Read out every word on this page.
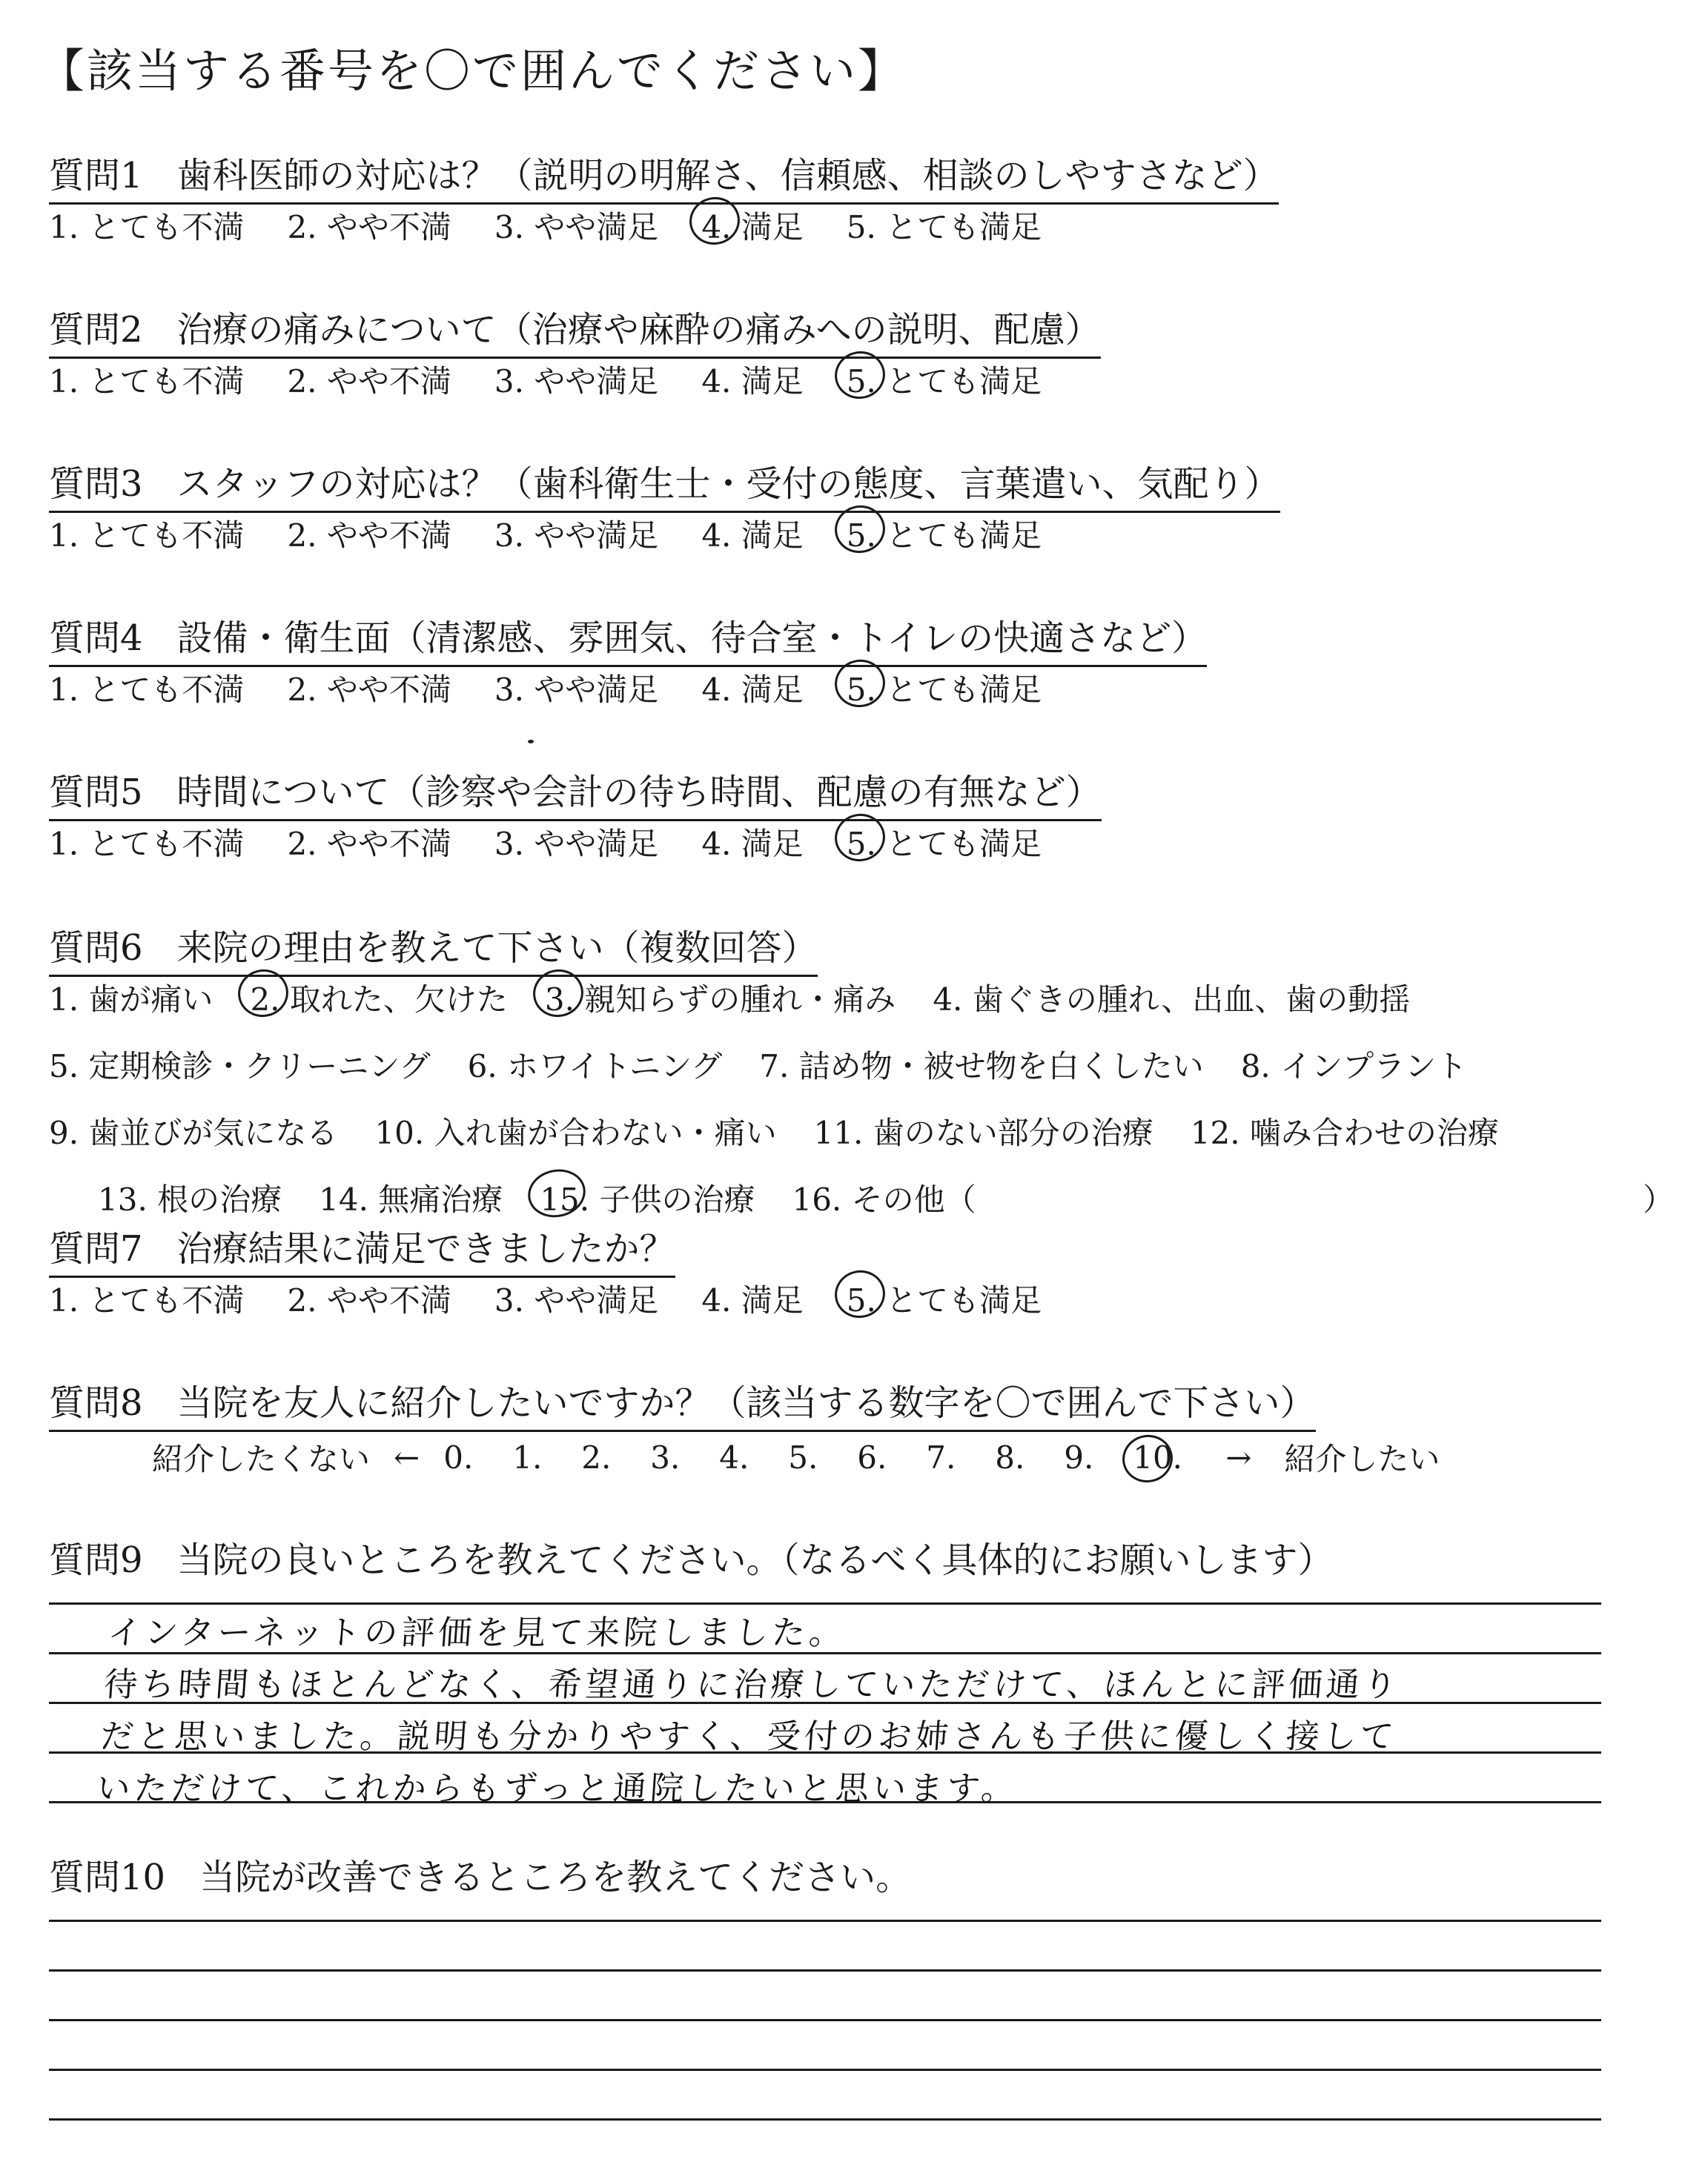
【該当する番号を〇で囲んでください】
質問1 歯科医師の対応は？（説明の明解さ、信頼感、相談のしやすさなど）
1. とても不満 2. やや不満 3. やや満足 4. 満足 5. とても満足
質問2 治療の痛みについて（治療や麻酔の痛みへの説明、配慮）
1. とても不満 2. やや不満 3. やや満足 4. 満足 5. とても満足
質問3 スタッフの対応は？（歯科衛生士・受付の態度、言葉遣い、気配り）
1. とても不満 2. やや不満 3. やや満足 4. 満足 5. とても満足
質問4 設備・衛生面（清潔感、雰囲気、待合室・トイレの快適さなど）
1. とても不満 2. やや不満 3. やや満足 4. 満足 5. とても満足
質問5 時間について（診察や会計の待ち時間、配慮の有無など）
1. とても不満 2. やや不満 3. やや満足 4. 満足 5. とても満足
質問6 来院の理由を教えて下さい（複数回答）
1. 歯が痛い 2. 取れた、欠けた 3. 親知らずの腫れ・痛み 4. 歯ぐきの腫れ、出血、歯の動揺
5. 定期検診・クリーニング 6. ホワイトニング 7. 詰め物・被せ物を白くしたい 8. インプラント
9. 歯並びが気になる 10. 入れ歯が合わない・痛い 11. 歯のない部分の治療 12. 噛み合わせの治療
13. 根の治療 14. 無痛治療 15. 子供の治療 16. その他（	）
質問7 治療結果に満足できましたか？
1. とても不満 2. やや不満 3. やや満足 4. 満足 5. とても満足
質問8 当院を友人に紹介したいですか？（該当する数字を〇で囲んで下さい）
紹介したくない ← 0.	1.	2.	3.	4.	5.	6.	7.	8.	9.	10.	→ 紹介したい
質問9 当院の良いところを教えてください。（なるべく具体的にお願いします）
インターネットの評価を見て来院しました。
待ち時間もほとんどなく、希望通りに治療していただけて、ほんとに評価通り
だと思いました。説明も分かりやすく、受付のお姉さんも子供に優しく接して
いただけて、これからもずっと通院したいと思います。
質問10 当院が改善できるところを教えてください。
